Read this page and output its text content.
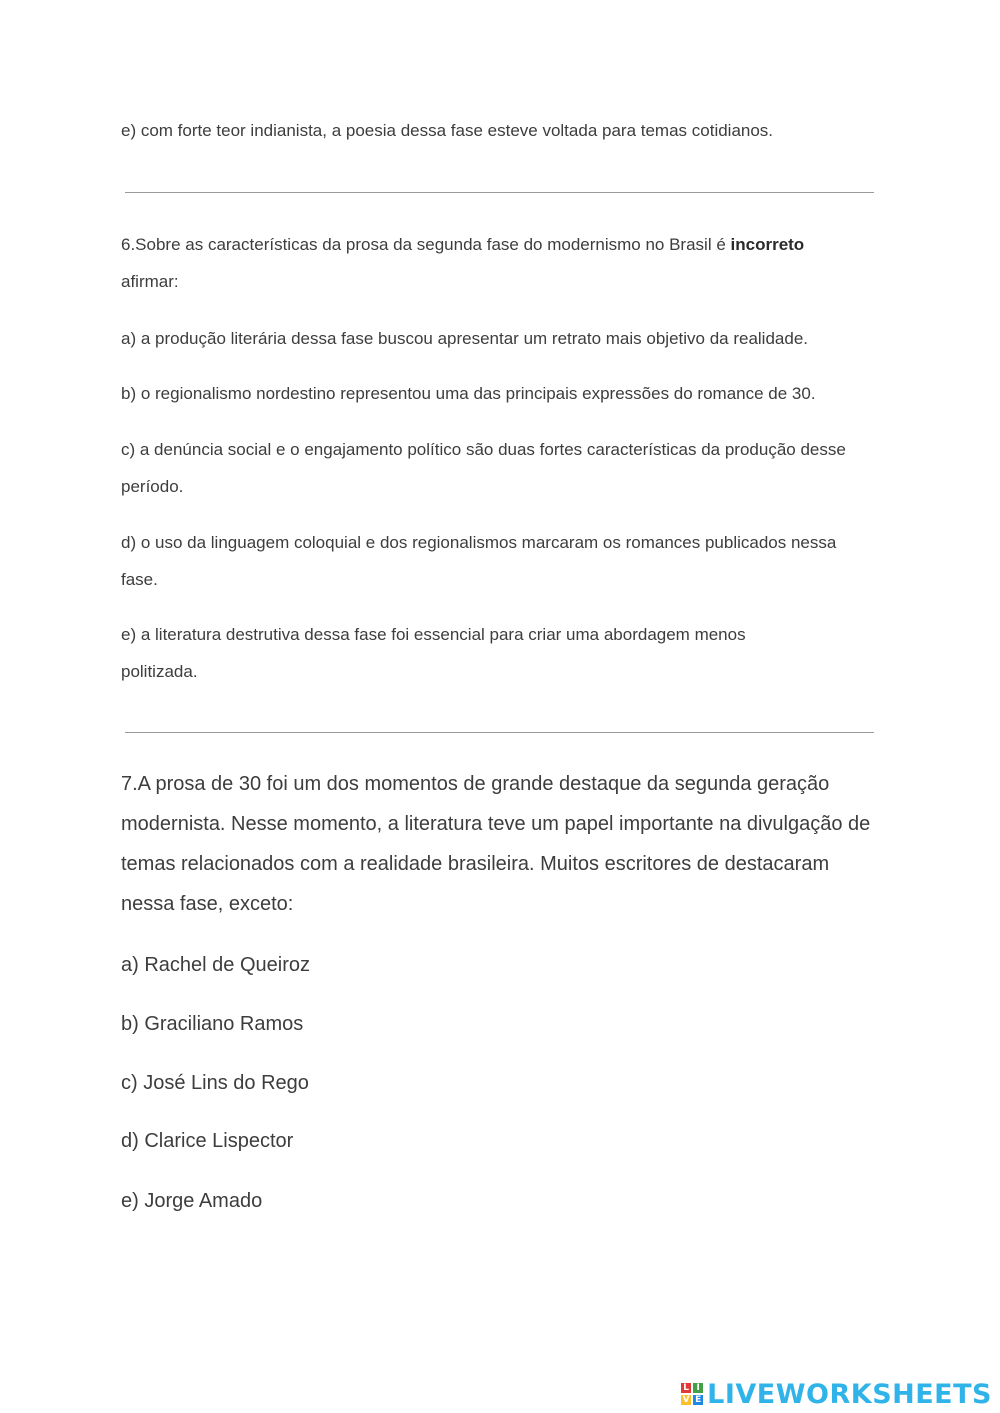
e) com forte teor indianista, a poesia dessa fase esteve voltada para temas cotidianos.
6.Sobre as características da prosa da segunda fase do modernismo no Brasil é incorreto afirmar:
a) a produção literária dessa fase buscou apresentar um retrato mais objetivo da realidade.
b) o regionalismo nordestino representou uma das principais expressões do romance de 30.
c) a denúncia social e o engajamento político são duas fortes características da produção desse período.
d) o uso da linguagem coloquial e dos regionalismos marcaram os romances publicados nessa fase.
e) a literatura destrutiva dessa fase foi essencial para criar uma abordagem menos politizada.
7.A prosa de 30 foi um dos momentos de grande destaque da segunda geração modernista. Nesse momento, a literatura teve um papel importante na divulgação de temas relacionados com a realidade brasileira. Muitos escritores de destacaram nessa fase, exceto:
a) Rachel de Queiroz
b) Graciliano Ramos
c) José Lins do Rego
d) Clarice Lispector
e) Jorge Amado
L I
V E LIVEWORKSHEETS
